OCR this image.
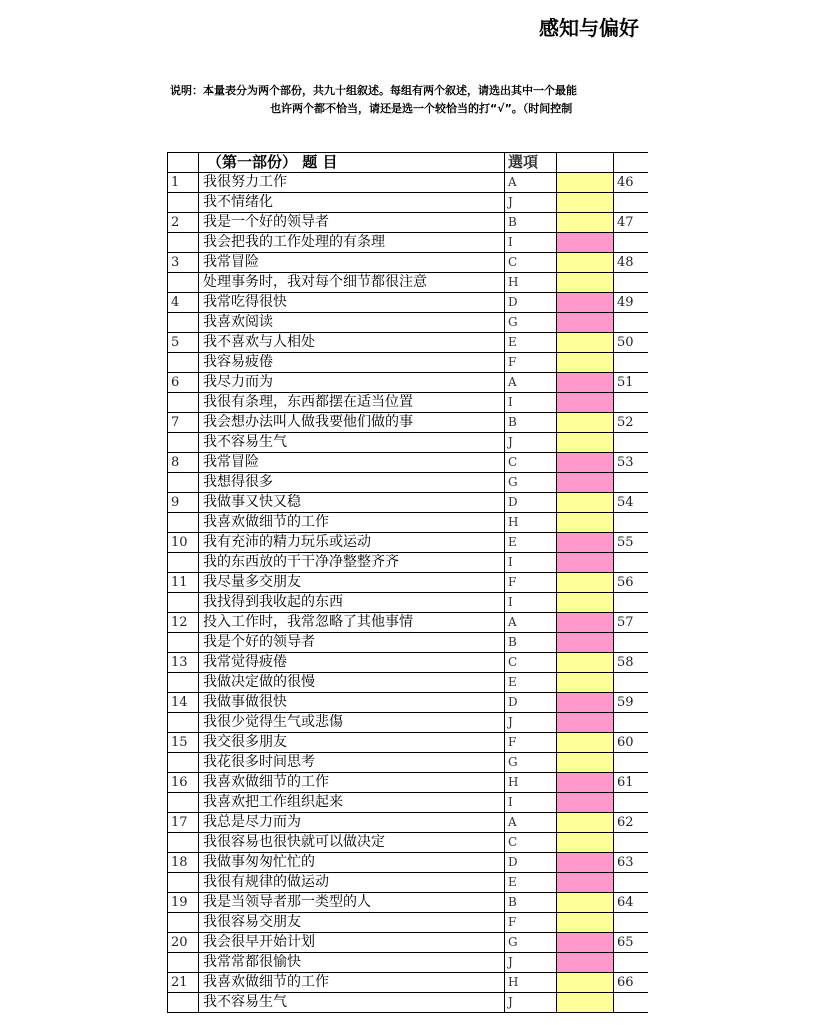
感知与偏好
说明：本量表分为两个部份，共九十组叙述。每组有两个叙述，请选出其中一个最能
也许两个都不恰当，请还是选一个较恰当的打“√”。（时间控制
	（第一部份） 题 目	選項		
1	我很努力工作	A		46
	我不情绪化	J		
2	我是一个好的领导者	B		47
	我会把我的工作处理的有条理	I		
3	我常冒险	C		48
	处理事务时，我对每个细节都很注意	H		
4	我常吃得很快	D		49
	我喜欢阅读	G		
5	我不喜欢与人相处	E		50
	我容易疲倦	F		
6	我尽力而为	A		51
	我很有条理，东西都摆在适当位置	I		
7	我会想办法叫人做我要他们做的事	B		52
	我不容易生气	J		
8	我常冒险	C		53
	我想得很多	G		
9	我做事又快又稳	D		54
	我喜欢做细节的工作	H		
10	我有充沛的精力玩乐或运动	E		55
	我的东西放的干干净净整整齐齐	I		
11	我尽量多交朋友	F		56
	我找得到我收起的东西	I		
12	投入工作时，我常忽略了其他事情	A		57
	我是个好的领导者	B		
13	我常觉得疲倦	C		58
	我做决定做的很慢	E		
14	我做事做很快	D		59
	我很少觉得生气或悲傷	J		
15	我交很多朋友	F		60
	我花很多时间思考	G		
16	我喜欢做细节的工作	H		61
	我喜欢把工作组织起来	I		
17	我总是尽力而为	A		62
	我很容易也很快就可以做决定	C		
18	我做事匆匆忙忙的	D		63
	我很有规律的做运动	E		
19	我是当领导者那一类型的人	B		64
	我很容易交朋友	F		
20	我会很早开始计划	G		65
	我常常都很愉快	J		
21	我喜欢做细节的工作	H		66
	我不容易生气	J		
